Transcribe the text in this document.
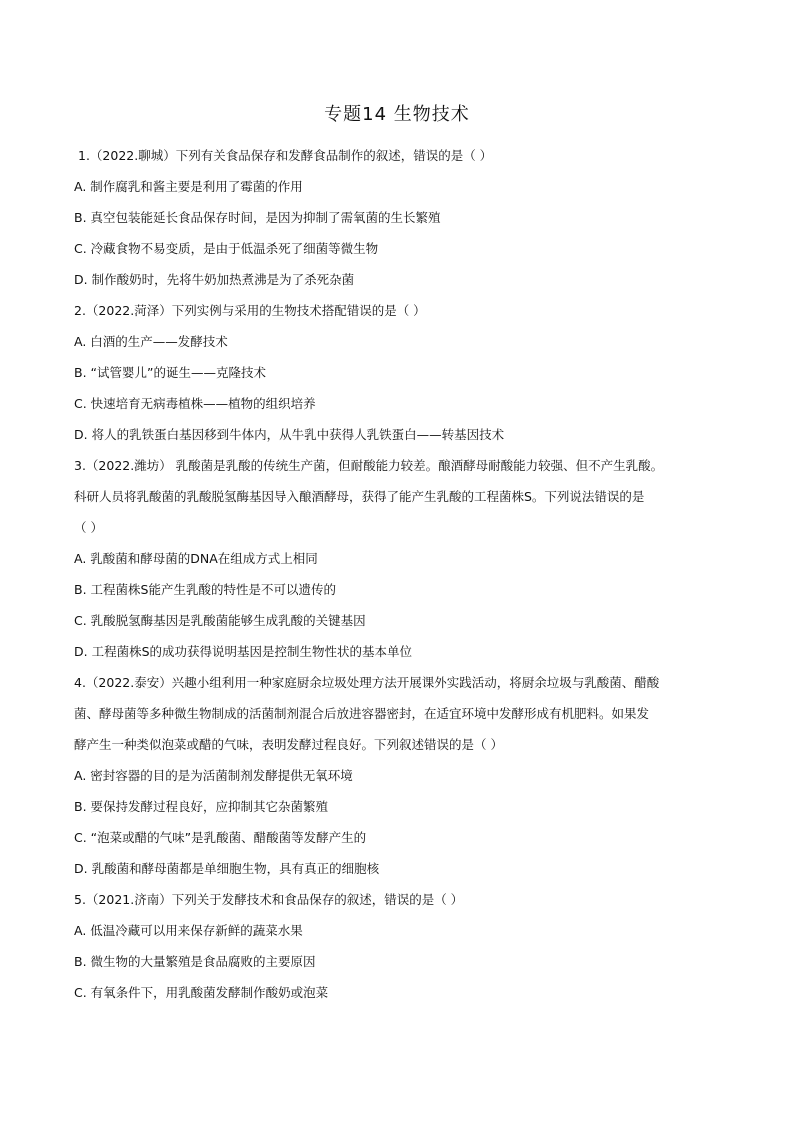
专题14 生物技术
1.（2022.聊城）下列有关食品保存和发酵食品制作的叙述，错误的是（ ）
A. 制作腐乳和酱主要是利用了霉菌的作用
B. 真空包装能延长食品保存时间，是因为抑制了需氧菌的生长繁殖
C. 冷藏食物不易变质，是由于低温杀死了细菌等微生物
D. 制作酸奶时，先将牛奶加热煮沸是为了杀死杂菌
2.（2022.菏泽）下列实例与采用的生物技术搭配错误的是（ ）
A. 白酒的生产——发酵技术
B. “试管婴儿”的诞生——克隆技术
C. 快速培育无病毒植株——植物的组织培养
D. 将人的乳铁蛋白基因移到牛体内，从牛乳中获得人乳铁蛋白——转基因技术
3.（2022.潍坊） 乳酸菌是乳酸的传统生产菌，但耐酸能力较差。酿酒酵母耐酸能力较强、但不产生乳酸。
科研人员将乳酸菌的乳酸脱氢酶基因导入酿酒酵母，获得了能产生乳酸的工程菌株S。下列说法错误的是
（ ）
A. 乳酸菌和酵母菌的DNA在组成方式上相同
B. 工程菌株S能产生乳酸的特性是不可以遗传的
C. 乳酸脱氢酶基因是乳酸菌能够生成乳酸的关键基因
D. 工程菌株S的成功获得说明基因是控制生物性状的基本单位
4.（2022.泰安）兴趣小组利用一种家庭厨余垃圾处理方法开展课外实践活动，将厨余垃圾与乳酸菌、醋酸
菌、酵母菌等多种微生物制成的活菌制剂混合后放进容器密封，在适宜环境中发酵形成有机肥料。如果发
酵产生一种类似泡菜或醋的气味，表明发酵过程良好。下列叙述错误的是（ ）
A. 密封容器的目的是为活菌制剂发酵提供无氧环境
B. 要保持发酵过程良好，应抑制其它杂菌繁殖
C. “泡菜或醋的气味”是乳酸菌、醋酸菌等发酵产生的
D. 乳酸菌和酵母菌都是单细胞生物，具有真正的细胞核
5.（2021.济南）下列关于发酵技术和食品保存的叙述，错误的是（ ）
A. 低温冷藏可以用来保存新鲜的蔬菜水果
B. 微生物的大量繁殖是食品腐败的主要原因
C. 有氧条件下，用乳酸菌发酵制作酸奶或泡菜
